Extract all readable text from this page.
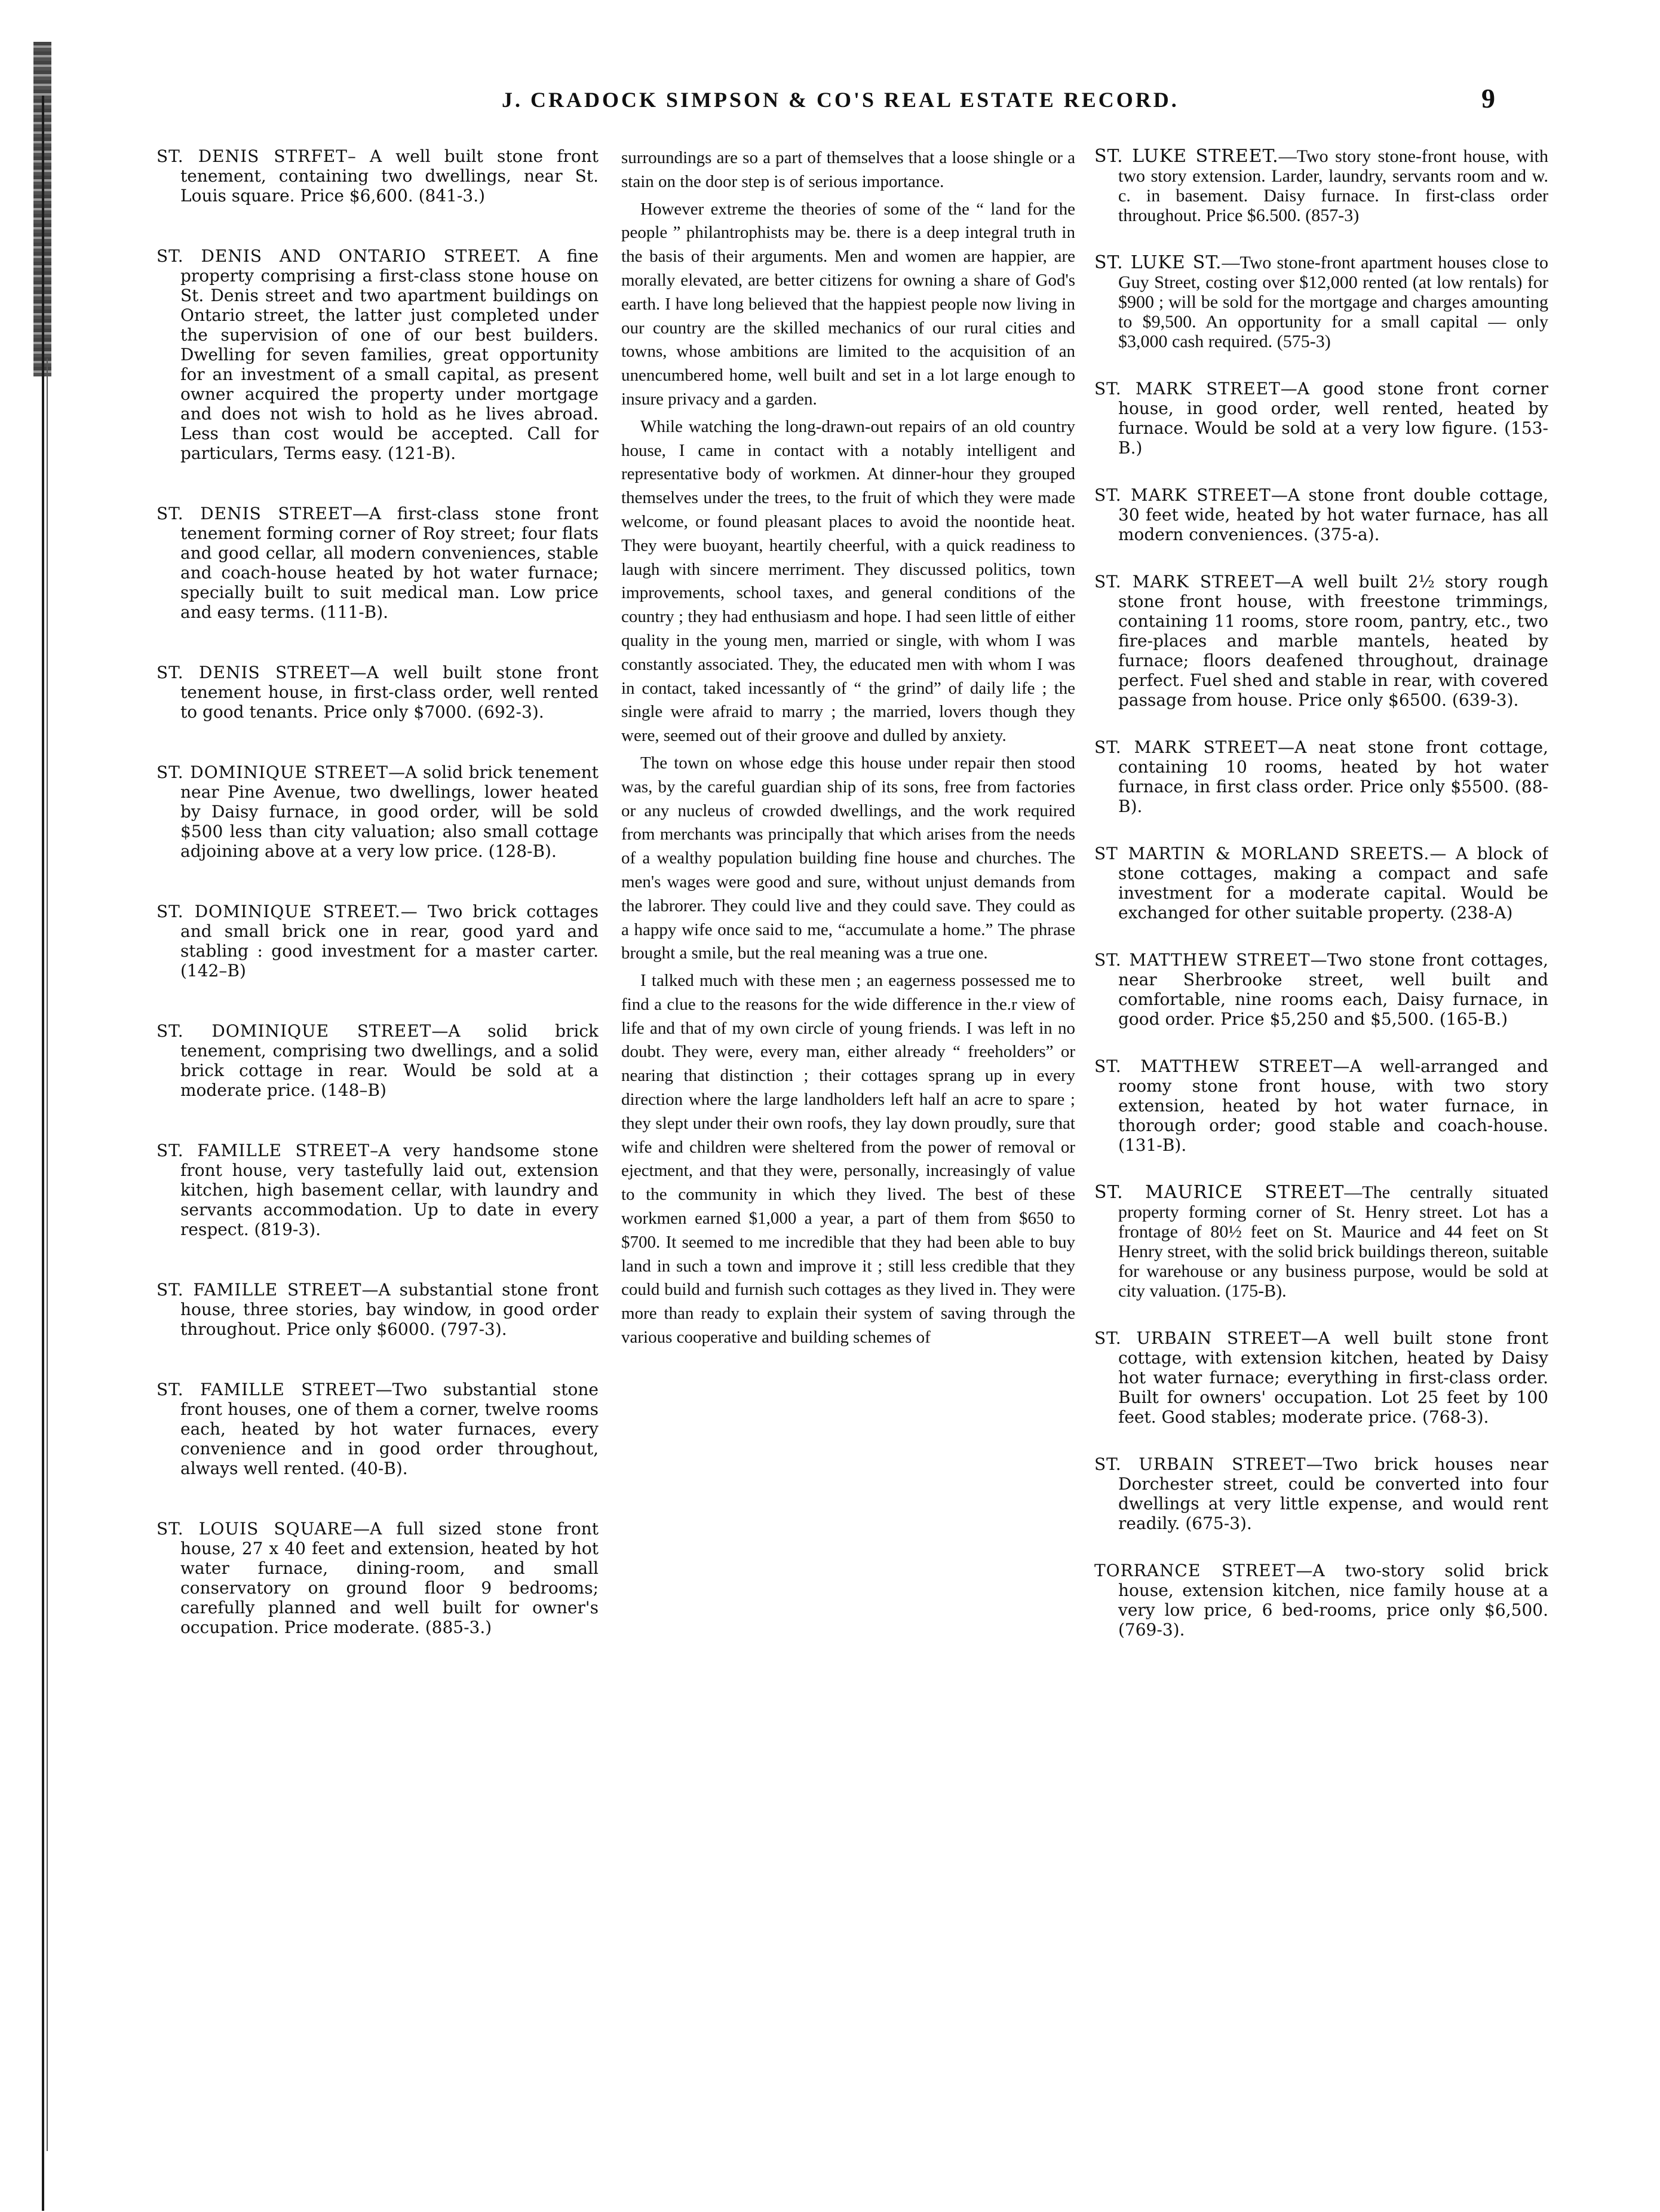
J. CRADOCK SIMPSON & CO'S REAL ESTATE RECORD.	9
ST. DENIS STRFET– A well built stone front tenement, containing two dwellings, near St. Louis square. Price $6,600. (841-3.)
ST. DENIS AND ONTARIO STREET. A fine property comprising a first-class stone house on St. Denis street and two apartment buildings on Ontario street, the latter just completed under the supervision of one of our best builders. Dwelling for seven families, great opportunity for an investment of a small capital, as present owner acquired the property under mortgage and does not wish to hold as he lives abroad. Less than cost would be accepted. Call for particulars, Terms easy. (121-B).
ST. DENIS STREET—A first-class stone front tenement forming corner of Roy street; four flats and good cellar, all modern conveniences, stable and coach-house heated by hot water furnace; specially built to suit medical man. Low price and easy terms. (111-B).
ST. DENIS STREET—A well built stone front tenement house, in first-class order, well rented to good tenants. Price only $7000. (692-3).
ST. DOMINIQUE STREET—A solid brick tenement near Pine Avenue, two dwellings, lower heated by Daisy furnace, in good order, will be sold $500 less than city valuation; also small cottage adjoining above at a very low price. (128-B).
ST. DOMINIQUE STREET.— Two brick cottages and small brick one in rear, good yard and stabling : good investment for a master carter. (142–B)
ST. DOMINIQUE STREET—A solid brick tenement, comprising two dwellings, and a solid brick cottage in rear. Would be sold at a moderate price. (148–B)
ST. FAMILLE STREET–A very handsome stone front house, very tastefully laid out, extension kitchen, high basement cellar, with laundry and servants accommodation. Up to date in every respect. (819-3).
ST. FAMILLE STREET—A substantial stone front house, three stories, bay window, in good order throughout. Price only $6000. (797-3).
ST. FAMILLE STREET—Two substantial stone front houses, one of them a corner, twelve rooms each, heated by hot water furnaces, every convenience and in good order throughout, always well rented. (40-B).
ST. LOUIS SQUARE—A full sized stone front house, 27 x 40 feet and extension, heated by hot water furnace, dining-room, and small conservatory on ground floor 9 bedrooms; carefully planned and well built for owner's occupation. Price moderate. (885-3.)

surroundings are so a part of themselves that a loose shingle or a stain on the door step is of serious importance.

However extreme the theories of some of the “ land for the people ” philantrophists may be. there is a deep integral truth in the basis of their arguments. Men and women are happier, are morally elevated, are better citizens for owning a share of God's earth. I have long believed that the happiest people now living in our country are the skilled mechanics of our rural cities and towns, whose ambitions are limited to the acquisition of an unencumbered home, well built and set in a lot large enough to insure privacy and a garden.

While watching the long-drawn-out repairs of an old country house, I came in contact with a notably intelligent and representative body of workmen. At dinner-hour they grouped themselves under the trees, to the fruit of which they were made welcome, or found pleasant places to avoid the noontide heat. They were buoyant, heartily cheerful, with a quick readiness to laugh with sincere merriment. They discussed politics, town improvements, school taxes, and general conditions of the country ; they had enthusiasm and hope. I had seen little of either quality in the young men, married or single, with whom I was constantly associated. They, the educated men with whom I was in contact, taked incessantly of “ the grind” of daily life ; the single were afraid to marry ; the married, lovers though they were, seemed out of their groove and dulled by anxiety.

The town on whose edge this house under repair then stood was, by the careful guardian ship of its sons, free from factories or any nucleus of crowded dwellings, and the work required from merchants was principally that which arises from the needs of a wealthy population building fine house and churches. The men's wages were good and sure, without unjust demands from the labrorer. They could live and they could save. They could as a happy wife once said to me, “accumulate a home.” The phrase brought a smile, but the real meaning was a true one.

I talked much with these men ; an eagerness possessed me to find a clue to the reasons for the wide difference in the.r view of life and that of my own circle of young friends. I was left in no doubt. They were, every man, either already “ freeholders” or nearing that distinction ; their cottages sprang up in every direction where the large landholders left half an acre to spare ; they slept under their own roofs, they lay down proudly, sure that wife and children were sheltered from the power of removal or ejectment, and that they were, personally, increasingly of value to the community in which they lived. The best of these workmen earned $1,000 a year, a part of them from $650 to $700. It seemed to me incredible that they had been able to buy land in such a town and improve it ; still less credible that they could build and furnish such cottages as they lived in. They were more than ready to explain their system of saving through the various cooperative and building schemes of

ST. LUKE STREET.—Two story stone-front house, with two story extension. Larder, laundry, servants room and w. c. in basement. Daisy furnace. In first-class order throughout. Price $6.500. (857-3)
ST. LUKE ST.—Two stone-front apartment houses close to Guy Street, costing over $12,000 rented (at low rentals) for $900 ; will be sold for the mortgage and charges amounting to $9,500. An opportunity for a small capital — only $3,000 cash required. (575-3)
ST. MARK STREET—A good stone front corner house, in good order, well rented, heated by furnace. Would be sold at a very low figure. (153-B.)
ST. MARK STREET—A stone front double cottage, 30 feet wide, heated by hot water furnace, has all modern conveniences. (375-a).
ST. MARK STREET—A well built 2½ story rough stone front house, with freestone trimmings, containing 11 rooms, store room, pantry, etc., two fire-places and marble mantels, heated by furnace; floors deafened throughout, drainage perfect. Fuel shed and stable in rear, with covered passage from house. Price only $6500. (639-3).
ST. MARK STREET—A neat stone front cottage, containing 10 rooms, heated by hot water furnace, in first class order. Price only $5500. (88-B).
ST MARTIN & MORLAND SREETS.— A block of stone cottages, making a compact and safe investment for a moderate capital. Would be exchanged for other suitable property. (238-A)
ST. MATTHEW STREET—Two stone front cottages, near Sherbrooke street, well built and comfortable, nine rooms each, Daisy furnace, in good order. Price $5,250 and $5,500. (165-B.)
ST. MATTHEW STREET—A well-arranged and roomy stone front house, with two story extension, heated by hot water furnace, in thorough order; good stable and coach-house. (131-B).
ST. MAURICE STREET—The centrally situated property forming corner of St. Henry street. Lot has a frontage of 80½ feet on St. Maurice and 44 feet on St Henry street, with the solid brick buildings thereon, suitable for warehouse or any business purpose, would be sold at city valuation. (175-B).
ST. URBAIN STREET—A well built stone front cottage, with extension kitchen, heated by Daisy hot water furnace; everything in first-class order. Built for owners' occupation. Lot 25 feet by 100 feet. Good stables; moderate price. (768-3).
ST. URBAIN STREET—Two brick houses near Dorchester street, could be converted into four dwellings at very little expense, and would rent readily. (675-3).
TORRANCE STREET—A two-story solid brick house, extension kitchen, nice family house at a very low price, 6 bed-rooms, price only $6,500. (769-3).
